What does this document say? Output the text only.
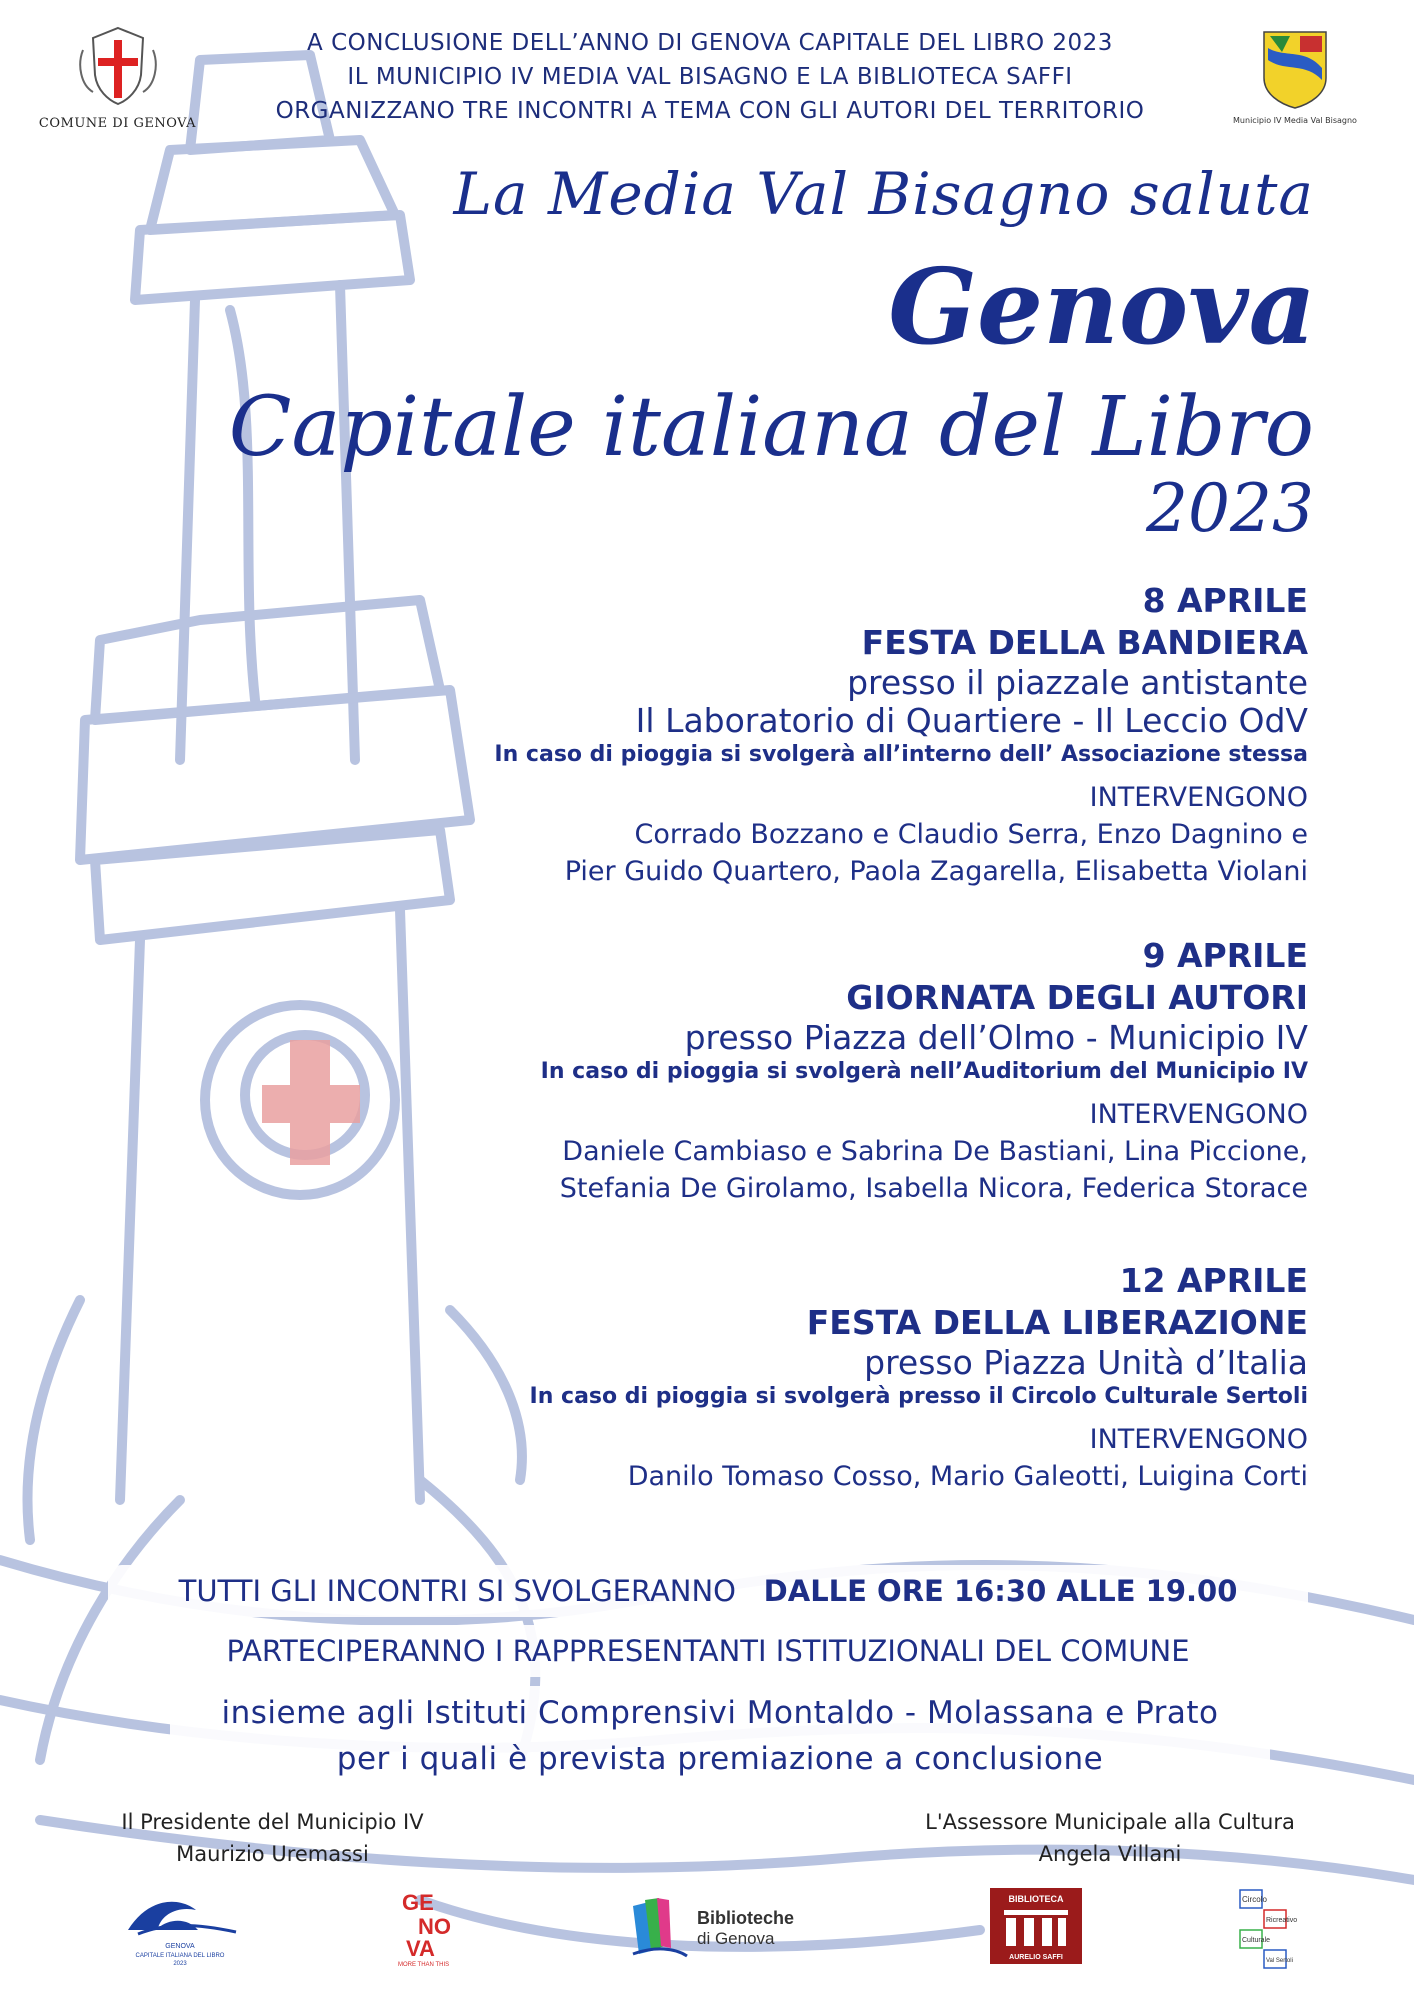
COMUNE DI GENOVA
A CONCLUSIONE DELL’ANNO DI GENOVA CAPITALE DEL LIBRO 2023
IL MUNICIPIO IV MEDIA VAL BISAGNO E LA BIBLIOTECA SAFFI
ORGANIZZANO TRE INCONTRI A TEMA CON GLI AUTORI DEL TERRITORIO	Municipio IV Media Val Bisagno
La Media Val Bisagno saluta
Genova
Capitale italiana del Libro
2023
8 APRILE
FESTA DELLA BANDIERA
presso il piazzale antistante
Il Laboratorio di Quartiere - Il Leccio OdV
In caso di pioggia si svolgerà all’interno dell’ Associazione stessa
INTERVENGONO
Corrado Bozzano e Claudio Serra, Enzo Dagnino e
Pier Guido Quartero, Paola Zagarella, Elisabetta Violani
9 APRILE
GIORNATA DEGLI AUTORI
presso Piazza dell’Olmo - Municipio IV
In caso di pioggia si svolgerà nell’Auditorium del Municipio IV
INTERVENGONO
Daniele Cambiaso e Sabrina De Bastiani, Lina Piccione,
Stefania De Girolamo, Isabella Nicora, Federica Storace
12 APRILE
FESTA DELLA LIBERAZIONE
presso Piazza Unità d’Italia
In caso di pioggia si svolgerà presso il Circolo Culturale Sertoli
INTERVENGONO
Danilo Tomaso Cosso, Mario Galeotti, Luigina Corti
TUTTI GLI INCONTRI SI SVOLGERANNO DALLE ORE 16:30 ALLE 19.00
PARTECIPERANNO I RAPPRESENTANTI ISTITUZIONALI DEL COMUNE
insieme agli Istituti Comprensivi Montaldo - Molassana e Prato
per i quali è prevista premiazione a conclusione
Il Presidente del Municipio IV
Maurizio Uremassi
L'Assessore Municipale alla Cultura
Angela Villani
GENOVA
CAPITALE ITALIANA DEL LIBRO
2023
GE
NO
VA
MORE THAN THIS
Biblioteche
di Genova
BIBLIOTECA
AURELIO SAFFI
Circolo
Ricreativo
Culturale
Val Sertoli
